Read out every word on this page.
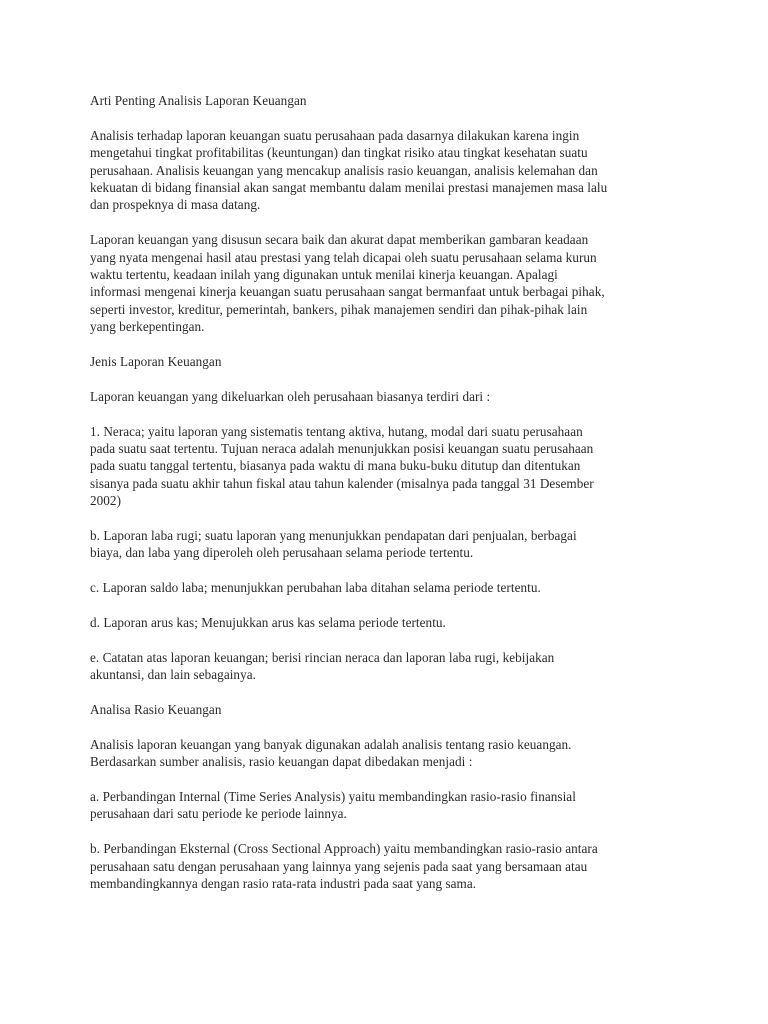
Arti Penting Analisis Laporan Keuangan

Analisis terhadap laporan keuangan suatu perusahaan pada dasarnya dilakukan karena ingin
mengetahui tingkat profitabilitas (keuntungan) dan tingkat risiko atau tingkat kesehatan suatu
perusahaan. Analisis keuangan yang mencakup analisis rasio keuangan, analisis kelemahan dan
kekuatan di bidang finansial akan sangat membantu dalam menilai prestasi manajemen masa lalu
dan prospeknya di masa datang.

Laporan keuangan yang disusun secara baik dan akurat dapat memberikan gambaran keadaan
yang nyata mengenai hasil atau prestasi yang telah dicapai oleh suatu perusahaan selama kurun
waktu tertentu, keadaan inilah yang digunakan untuk menilai kinerja keuangan. Apalagi
informasi mengenai kinerja keuangan suatu perusahaan sangat bermanfaat untuk berbagai pihak,
seperti investor, kreditur, pemerintah, bankers, pihak manajemen sendiri dan pihak-pihak lain
yang berkepentingan.

Jenis Laporan Keuangan

Laporan keuangan yang dikeluarkan oleh perusahaan biasanya terdiri dari :

1. Neraca; yaitu laporan yang sistematis tentang aktiva, hutang, modal dari suatu perusahaan
pada suatu saat tertentu. Tujuan neraca adalah menunjukkan posisi keuangan suatu perusahaan
pada suatu tanggal tertentu, biasanya pada waktu di mana buku-buku ditutup dan ditentukan
sisanya pada suatu akhir tahun fiskal atau tahun kalender (misalnya pada tanggal 31 Desember
2002)

b. Laporan laba rugi; suatu laporan yang menunjukkan pendapatan dari penjualan, berbagai
biaya, dan laba yang diperoleh oleh perusahaan selama periode tertentu.

c. Laporan saldo laba; menunjukkan perubahan laba ditahan selama periode tertentu.

d. Laporan arus kas; Menujukkan arus kas selama periode tertentu.

e. Catatan atas laporan keuangan; berisi rincian neraca dan laporan laba rugi, kebijakan
akuntansi, dan lain sebagainya.

Analisa Rasio Keuangan

Analisis laporan keuangan yang banyak digunakan adalah analisis tentang rasio keuangan.
Berdasarkan sumber analisis, rasio keuangan dapat dibedakan menjadi :

a. Perbandingan Internal (Time Series Analysis) yaitu membandingkan rasio-rasio finansial
perusahaan dari satu periode ke periode lainnya.

b. Perbandingan Eksternal (Cross Sectional Approach) yaitu membandingkan rasio-rasio antara
perusahaan satu dengan perusahaan yang lainnya yang sejenis pada saat yang bersamaan atau
membandingkannya dengan rasio rata-rata industri pada saat yang sama.
